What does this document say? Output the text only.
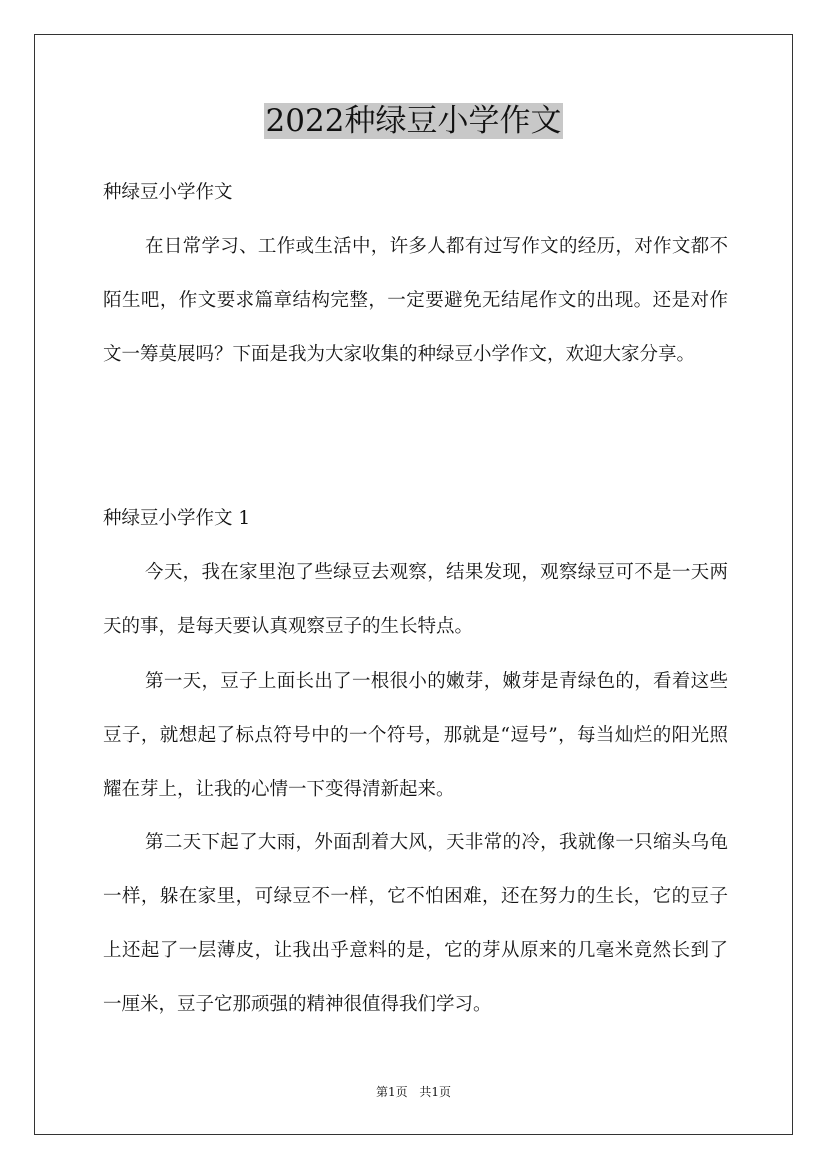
2022种绿豆小学作文

种绿豆小学作文

在日常学习、工作或生活中，许多人都有过写作文的经历，对作文都不陌生吧，作文要求篇章结构完整，一定要避免无结尾作文的出现。还是对作文一筹莫展吗？下面是我为大家收集的种绿豆小学作文，欢迎大家分享。

种绿豆小学作文 1

今天，我在家里泡了些绿豆去观察，结果发现，观察绿豆可不是一天两天的事，是每天要认真观察豆子的生长特点。

第一天，豆子上面长出了一根很小的嫩芽，嫩芽是青绿色的，看着这些豆子，就想起了标点符号中的一个符号，那就是“逗号”，每当灿烂的阳光照耀在芽上，让我的心情一下变得清新起来。

第二天下起了大雨，外面刮着大风，天非常的冷，我就像一只缩头乌龟一样，躲在家里，可绿豆不一样，它不怕困难，还在努力的生长，它的豆子上还起了一层薄皮，让我出乎意料的是，它的芽从原来的几毫米竟然长到了一厘米，豆子它那顽强的精神很值得我们学习。

第1页 共1页
